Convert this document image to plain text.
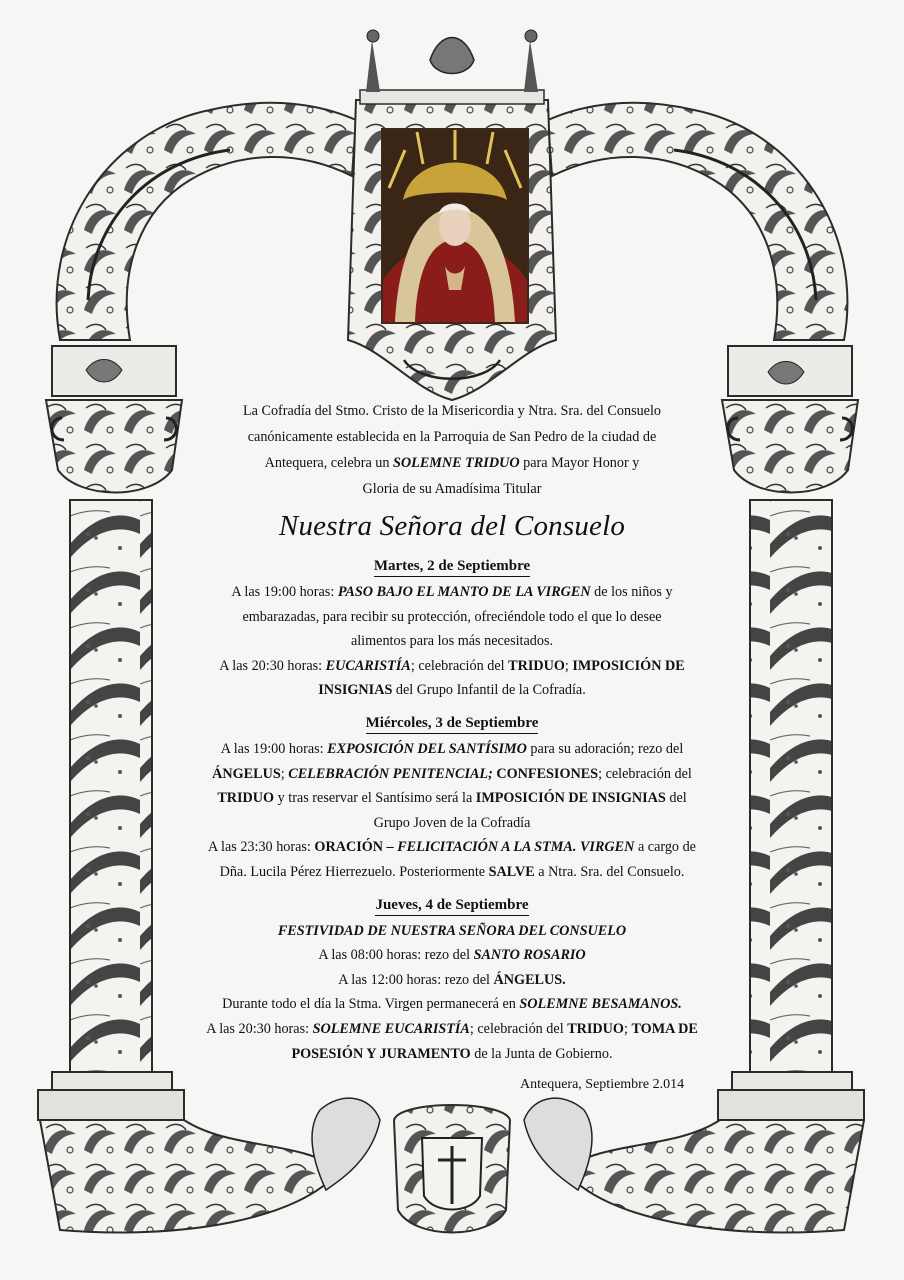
La Cofradía del Stmo. Cristo de la Misericordia y Ntra. Sra. del Consuelo
canónicamente establecida en la Parroquia de San Pedro de la ciudad de
Antequera, celebra un SOLEMNE TRIDUO para Mayor Honor y
Gloria de su Amadísima Titular
Nuestra Señora del Consuelo
Martes, 2 de Septiembre
A las 19:00 horas: PASO BAJO EL MANTO DE LA VIRGEN de los niños y
embarazadas, para recibir su protección, ofreciéndole todo el que lo desee
alimentos para los más necesitados.
A las 20:30 horas: EUCARISTÍA; celebración del TRIDUO; IMPOSICIÓN DE
INSIGNIAS del Grupo Infantil de la Cofradía.
Miércoles, 3 de Septiembre
A las 19:00 horas: EXPOSICIÓN DEL SANTÍSIMO para su adoración; rezo del
ÁNGELUS; CELEBRACIÓN PENITENCIAL; CONFESIONES; celebración del
TRIDUO y tras reservar el Santísimo será la IMPOSICIÓN DE INSIGNIAS del
Grupo Joven de la Cofradía
A las 23:30 horas: ORACIÓN – FELICITACIÓN A LA STMA. VIRGEN a cargo de
Dña. Lucila Pérez Hierrezuelo. Posteriormente SALVE a Ntra. Sra. del Consuelo.
Jueves, 4 de Septiembre
FESTIVIDAD DE NUESTRA SEÑORA DEL CONSUELO
A las 08:00 horas: rezo del SANTO ROSARIO
A las 12:00 horas: rezo del ÁNGELUS.
Durante todo el día la Stma. Virgen permanecerá en SOLEMNE BESAMANOS.
A las 20:30 horas: SOLEMNE EUCARISTÍA; celebración del TRIDUO; TOMA DE
POSESIÓN Y JURAMENTO de la Junta de Gobierno.
Antequera, Septiembre 2.014
